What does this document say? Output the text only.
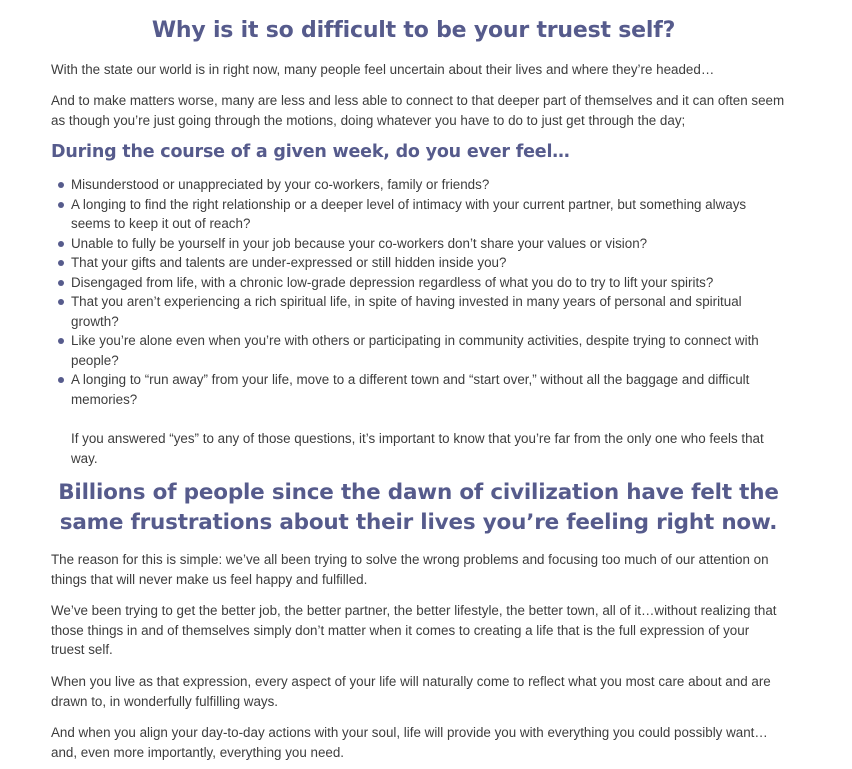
Why is it so difficult to be your truest self?

With the state our world is in right now, many people feel uncertain about their lives and where they’re headed…

And to make matters worse, many are less and less able to connect to that deeper part of themselves and it can often seem as though you’re just going through the motions, doing whatever you have to do to just get through the day;

During the course of a given week, do you ever feel…
Misunderstood or unappreciated by your co-workers, family or friends?
A longing to find the right relationship or a deeper level of intimacy with your current partner, but something always seems to keep it out of reach?
Unable to fully be yourself in your job because your co-workers don’t share your values or vision?
That your gifts and talents are under-expressed or still hidden inside you?
Disengaged from life, with a chronic low-grade depression regardless of what you do to try to lift your spirits?
That you aren’t experiencing a rich spiritual life, in spite of having invested in many years of personal and spiritual growth?
Like you’re alone even when you’re with others or participating in community activities, despite trying to connect with people?
A longing to “run away” from your life, move to a different town and “start over,” without all the baggage and difficult memories?

If you answered “yes” to any of those questions, it’s important to know that you’re far from the only one who feels that way.

Billions of people since the dawn of civilization have felt the same frustrations about their lives you’re feeling right now.

The reason for this is simple: we’ve all been trying to solve the wrong problems and focusing too much of our attention on things that will never make us feel happy and fulfilled.

We’ve been trying to get the better job, the better partner, the better lifestyle, the better town, all of it…without realizing that those things in and of themselves simply don’t matter when it comes to creating a life that is the full expression of your truest self.

When you live as that expression, every aspect of your life will naturally come to reflect what you most care about and are drawn to, in wonderfully fulfilling ways.

And when you align your day-to-day actions with your soul, life will provide you with everything you could possibly want… and, even more importantly, everything you need.
